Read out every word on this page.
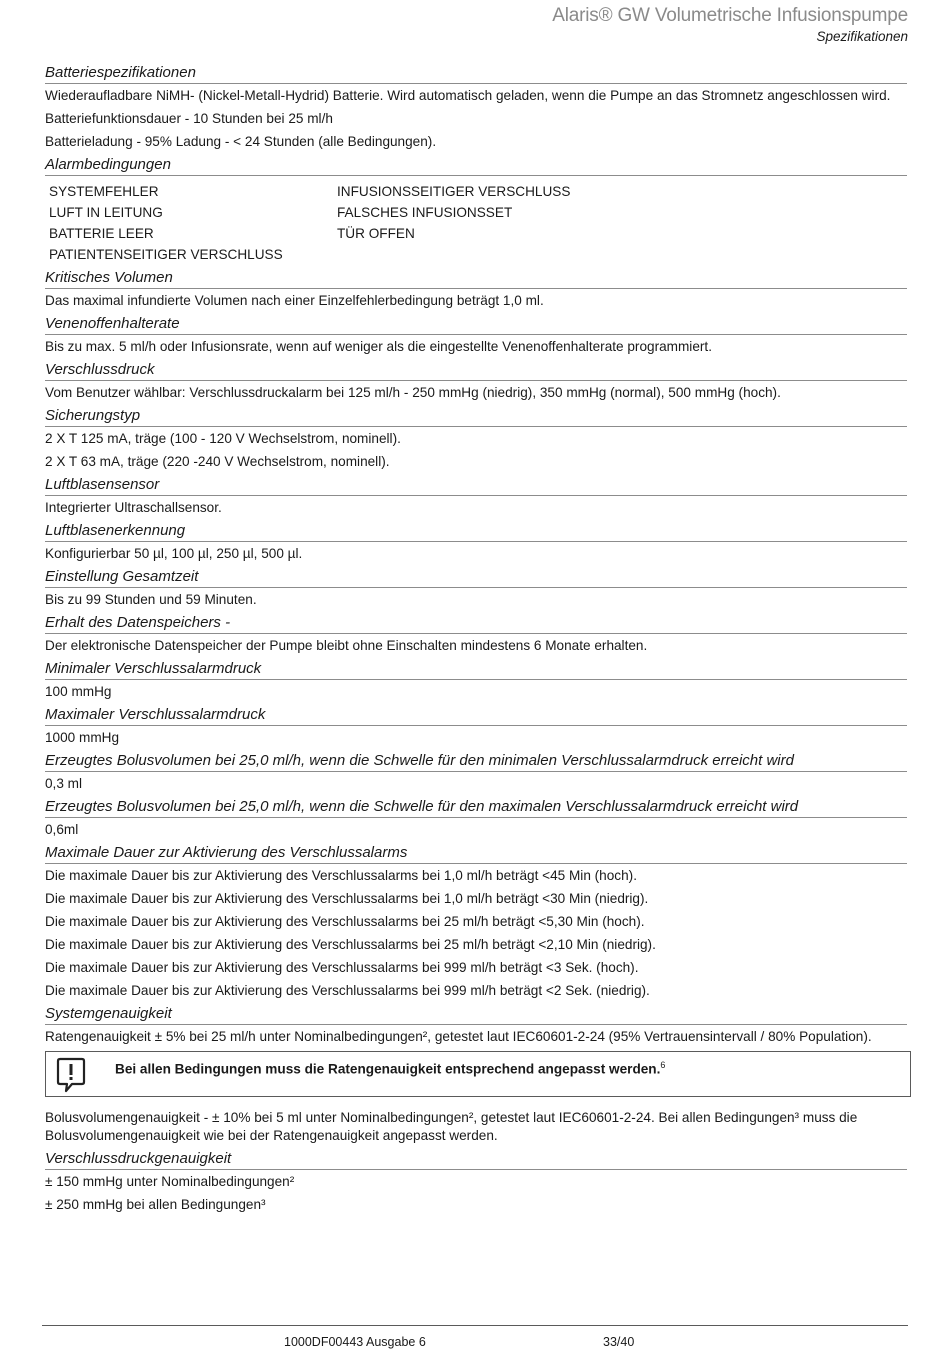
Alaris® GW Volumetrische Infusionspumpe
Spezifikationen
Batteriespezifikationen
Wiederaufladbare NiMH- (Nickel-Metall-Hydrid) Batterie. Wird automatisch geladen, wenn die Pumpe an das Stromnetz angeschlossen wird.
Batteriefunktionsdauer - 10 Stunden bei 25 ml/h
Batterieladung - 95% Ladung - < 24 Stunden (alle Bedingungen).
Alarmbedingungen
SYSTEMFEHLER	INFUSIONSSEITIGER VERSCHLUSS
LUFT IN LEITUNG	FALSCHES INFUSIONSSET
BATTERIE LEER	TÜR OFFEN
PATIENTENSEITIGER VERSCHLUSS
Kritisches Volumen
Das maximal infundierte Volumen nach einer Einzelfehlerbedingung beträgt 1,0 ml.
Venenoffenhalterate
Bis zu max. 5 ml/h oder Infusionsrate, wenn auf weniger als die eingestellte Venenoffenhalterate programmiert.
Verschlussdruck
Vom Benutzer wählbar: Verschlussdruckalarm bei 125 ml/h - 250 mmHg (niedrig), 350 mmHg (normal), 500 mmHg (hoch).
Sicherungstyp
2 X T 125 mA, träge (100 - 120 V Wechselstrom, nominell).
2 X T 63 mA, träge (220 -240 V Wechselstrom, nominell).
Luftblasensensor
Integrierter Ultraschallsensor.
Luftblasenerkennung
Konfigurierbar 50 µl, 100 µl, 250 µl, 500 µl.
Einstellung Gesamtzeit
Bis zu 99 Stunden und 59 Minuten.
Erhalt des Datenspeichers -
Der elektronische Datenspeicher der Pumpe bleibt ohne Einschalten mindestens 6 Monate erhalten.
Minimaler Verschlussalarmdruck
100 mmHg
Maximaler Verschlussalarmdruck
1000 mmHg
Erzeugtes Bolusvolumen bei 25,0 ml/h, wenn die Schwelle für den minimalen Verschlussalarmdruck erreicht wird
0,3 ml
Erzeugtes Bolusvolumen bei 25,0 ml/h, wenn die Schwelle für den maximalen Verschlussalarmdruck erreicht wird
0,6ml
Maximale Dauer zur Aktivierung des Verschlussalarms
Die maximale Dauer bis zur Aktivierung des Verschlussalarms bei 1,0 ml/h beträgt <45 Min (hoch).
Die maximale Dauer bis zur Aktivierung des Verschlussalarms bei 1,0 ml/h beträgt <30 Min (niedrig).
Die maximale Dauer bis zur Aktivierung des Verschlussalarms bei 25 ml/h beträgt <5,30 Min (hoch).
Die maximale Dauer bis zur Aktivierung des Verschlussalarms bei 25 ml/h beträgt <2,10 Min (niedrig).
Die maximale Dauer bis zur Aktivierung des Verschlussalarms bei 999 ml/h beträgt <3 Sek. (hoch).
Die maximale Dauer bis zur Aktivierung des Verschlussalarms bei 999 ml/h beträgt <2 Sek. (niedrig).
Systemgenauigkeit
Ratengenauigkeit ± 5% bei 25 ml/h unter Nominalbedingungen², getestet laut IEC60601-2-24 (95% Vertrauensintervall / 80% Population).
Bei allen Bedingungen muss die Ratengenauigkeit entsprechend angepasst werden.$^6$
Bolusvolumengenauigkeit - ± 10% bei 5 ml unter Nominalbedingungen², getestet laut IEC60601-2-24. Bei allen Bedingungen³ muss die Bolusvolumengenauigkeit wie bei der Ratengenauigkeit angepasst werden.
Verschlussdruckgenauigkeit
± 150 mmHg unter Nominalbedingungen²
± 250 mmHg bei allen Bedingungen³
1000DF00443 Ausgabe 6	33/40
